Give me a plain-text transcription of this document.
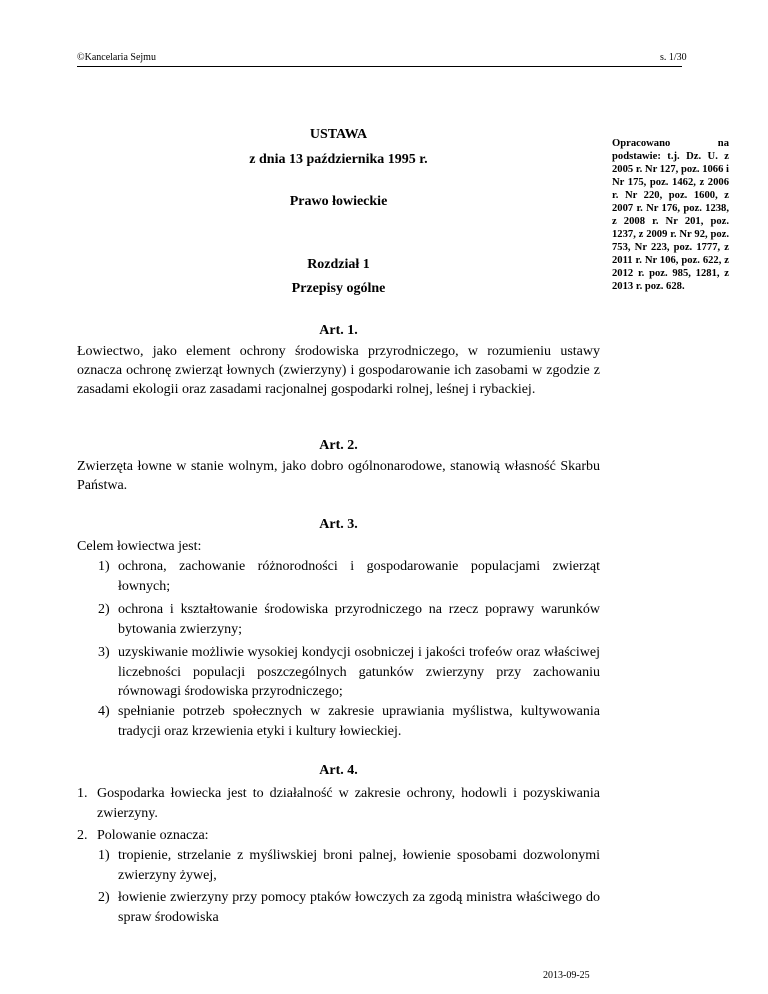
©Kancelaria Sejmu	s. 1/30
USTAWA
z dnia 13 października 1995 r.
Prawo łowieckie
Rozdział 1
Przepisy ogólne
Opracowano na podstawie: t.j. Dz. U. z 2005 r. Nr 127, poz. 1066 i Nr 175, poz. 1462, z 2006 r. Nr 220, poz. 1600, z 2007 r. Nr 176, poz. 1238, z 2008 r. Nr 201, poz. 1237, z 2009 r. Nr 92, poz. 753, Nr 223, poz. 1777, z 2011 r. Nr 106, poz. 622, z 2012 r. poz. 985, 1281, z 2013 r. poz. 628.
Art. 1.
Łowiectwo, jako element ochrony środowiska przyrodniczego, w rozumieniu ustawy oznacza ochronę zwierząt łownych (zwierzyny) i gospodarowanie ich zasobami w zgodzie z zasadami ekologii oraz zasadami racjonalnej gospodarki rolnej, leśnej i rybackiej.
Art. 2.
Zwierzęta łowne w stanie wolnym, jako dobro ogólnonarodowe, stanowią własność Skarbu Państwa.
Art. 3.
Celem łowiectwa jest:
1) ochrona, zachowanie różnorodności i gospodarowanie populacjami zwierząt łownych;
2) ochrona i kształtowanie środowiska przyrodniczego na rzecz poprawy warunków bytowania zwierzyny;
3) uzyskiwanie możliwie wysokiej kondycji osobniczej i jakości trofeów oraz właściwej liczebności populacji poszczególnych gatunków zwierzyny przy zachowaniu równowagi środowiska przyrodniczego;
4) spełnianie potrzeb społecznych w zakresie uprawiania myślistwa, kultywowania tradycji oraz krzewienia etyki i kultury łowieckiej.
Art. 4.
1. Gospodarka łowiecka jest to działalność w zakresie ochrony, hodowli i pozyskiwania zwierzyny.
2. Polowanie oznacza:
1) tropienie, strzelanie z myśliwskiej broni palnej, łowienie sposobami dozwolonymi zwierzyny żywej,
2) łowienie zwierzyny przy pomocy ptaków łowczych za zgodą ministra właściwego do spraw środowiska
2013-09-25
